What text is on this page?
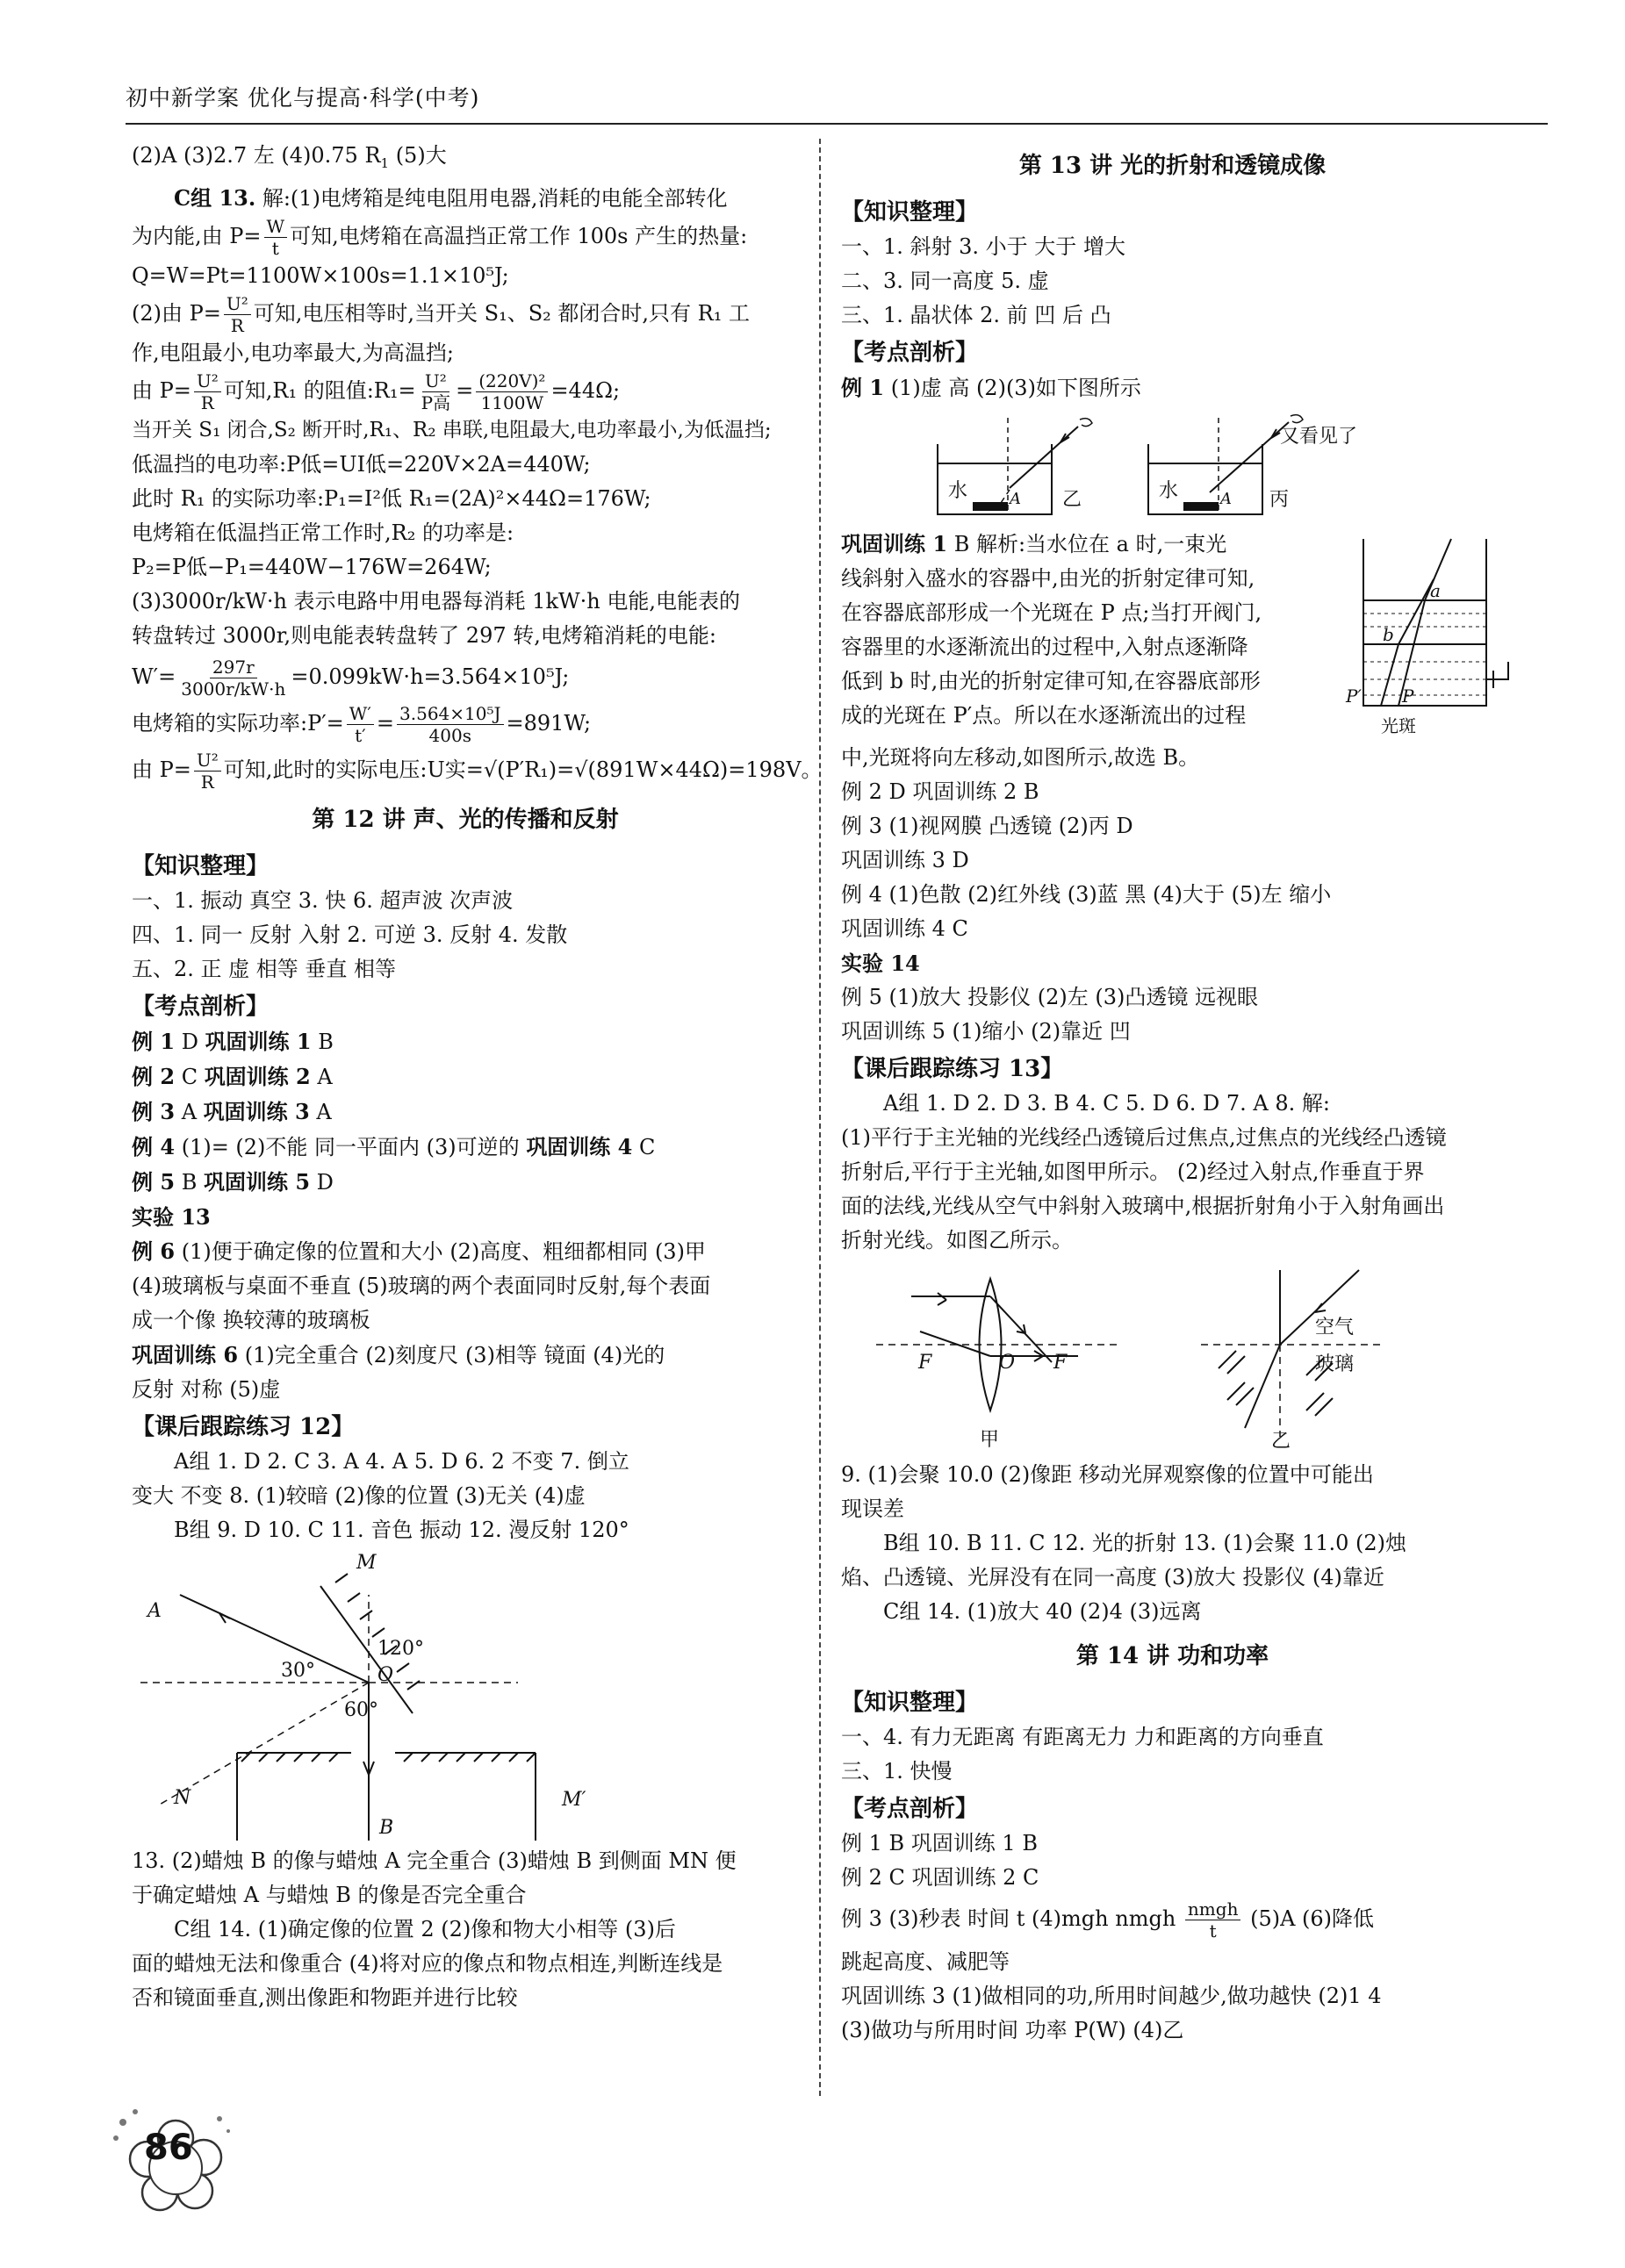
初中新学案 优化与提高·科学(中考)
(2)A (3)2.7 左 (4)0.75 $R_1$ (5)大
C组 13. 解:(1)电烤箱是纯电阻用电器,消耗的电能全部转化
为内能,由 $P= \frac{W}{t}$ 可知,电烤箱在高温挡正常工作 100s 产生的热量:
Q=W=Pt=1100W×100s=1.1×10⁵J;
(2)由 $P= \frac{\text{U²}}{R}$ 可知,电压相等时,当开关 S₁、S₂ 都闭合时,只有 R₁ 工
作,电阻最小,电功率最大,为高温挡;
由 $P= \frac{\text{U²}}{R}$ 可知,R₁ 的阻值:R₁= $\frac{\text{U²}}{\text{P高}} = \frac{\text{(220V)²}}{1100W} =44\Omega$;
当开关 S₁ 闭合,S₂ 断开时,R₁、R₂ 串联,电阻最大,电功率最小,为低温挡;
低温挡的电功率:P低=UI低=220V×2A=440W;
此时 R₁ 的实际功率:P₁=I²低 R₁=(2A)²×44Ω=176W;
电烤箱在低温挡正常工作时,R₂ 的功率是:
P₂=P低−P₁=440W−176W=264W;
(3)3000r/kW·h 表示电路中用电器每消耗 1kW·h 电能,电能表的
转盘转过 3000r,则电能表转盘转了 297 转,电烤箱消耗的电能:
$W'= \frac{297r}{3000r/kW\cdot h} =0.099kW\cdot h=3.564\times 10^5J$;
电烤箱的实际功率:P′= $\frac{W'}{t'} = \frac{\text{3.564×10⁵J}}{400s} =891W$;
由 $P= \frac{\text{U²}}{R}$ 可知,此时的实际电压:U实=√(P′R₁)=√(891W×44Ω)=198V。
第 12 讲 声、光的传播和反射
【知识整理】
一、1. 振动 真空 3. 快 6. 超声波 次声波
四、1. 同一 反射 入射 2. 可逆 3. 反射 4. 发散
五、2. 正 虚 相等 垂直 相等
【考点剖析】
例 1 D 巩固训练 1 B
例 2 C 巩固训练 2 A
例 3 A 巩固训练 3 A
例 4 (1)= (2)不能 同一平面内 (3)可逆的 巩固训练 4 C
例 5 B 巩固训练 5 D
实验 13
例 6 (1)便于确定像的位置和大小 (2)高度、粗细都相同 (3)甲
(4)玻璃板与桌面不垂直 (5)玻璃的两个表面同时反射,每个表面
成一个像 换较薄的玻璃板
巩固训练 6 (1)完全重合 (2)刻度尺 (3)相等 镜面 (4)光的
反射 对称 (5)虚
【课后跟踪练习 12】
A组 1. D 2. C 3. A 4. A 5. D 6. 2 不变 7. 倒立
变大 不变 8. (1)较暗 (2)像的位置 (3)无关 (4)虚
B组 9. D 10. C 11. 音色 振动 12. 漫反射 120°
M
A
120°
30°	O
60°
N
B
M′
13. (2)蜡烛 B 的像与蜡烛 A 完全重合 (3)蜡烛 B 到侧面 MN 便
于确定蜡烛 A 与蜡烛 B 的像是否完全重合
C组 14. (1)确定像的位置 2 (2)像和物大小相等 (3)后
面的蜡烛无法和像重合 (4)将对应的像点和物点相连,判断连线是
否和镜面垂直,测出像距和物距并进行比较
第 13 讲 光的折射和透镜成像
【知识整理】
一、1. 斜射 3. 小于 大于 增大
二、3. 同一高度 5. 虚
三、1. 晶状体 2. 前 凹 后 凸
【考点剖析】
例 1 (1)虚 高 (2)(3)如下图所示
水	A 乙	水	A 丙
又看见了
a
b
P′ P
光斑
巩固训练 1 B 解析:当水位在 a 时,一束光
线斜射入盛水的容器中,由光的折射定律可知,
在容器底部形成一个光斑在 P 点;当打开阀门,
容器里的水逐渐流出的过程中,入射点逐渐降
低到 b 时,由光的折射定律可知,在容器底部形
成的光斑在 P′点。所以在水逐渐流出的过程
中,光斑将向左移动,如图所示,故选 B。
例 2 D 巩固训练 2 B
例 3 (1)视网膜 凸透镜 (2)丙 D
巩固训练 3 D
例 4 (1)色散 (2)红外线 (3)蓝 黑 (4)大于 (5)左 缩小
巩固训练 4 C
实验 14
例 5 (1)放大 投影仪 (2)左 (3)凸透镜 远视眼
巩固训练 5 (1)缩小 (2)靠近 凹
【课后跟踪练习 13】
A组 1. D 2. D 3. B 4. C 5. D 6. D 7. A 8. 解:
(1)平行于主光轴的光线经凸透镜后过焦点,过焦点的光线经凸透镜
折射后,平行于主光轴,如图甲所示。 (2)经过入射点,作垂直于界
面的法线,光线从空气中斜射入玻璃中,根据折射角小于入射角画出
折射光线。如图乙所示。
F	O F
甲
空气
玻璃
乙
9. (1)会聚 10.0 (2)像距 移动光屏观察像的位置中可能出
现误差
B组 10. B 11. C 12. 光的折射 13. (1)会聚 11.0 (2)烛
焰、凸透镜、光屏没有在同一高度 (3)放大 投影仪 (4)靠近
C组 14. (1)放大 40 (2)4 (3)远离
第 14 讲 功和功率
【知识整理】
一、4. 有力无距离 有距离无力 力和距离的方向垂直
三、1. 快慢
【考点剖析】
例 1 B 巩固训练 1 B
例 2 C 巩固训练 2 C
例 3 (3)秒表 时间 t (4)mgh nmgh $\frac{\text{nmgh}}{t} (5)A$ (6)降低
跳起高度、减肥等
巩固训练 3 (1)做相同的功,所用时间越少,做功越快 (2)1 4
(3)做功与所用时间 功率 P(W) (4)乙
86
